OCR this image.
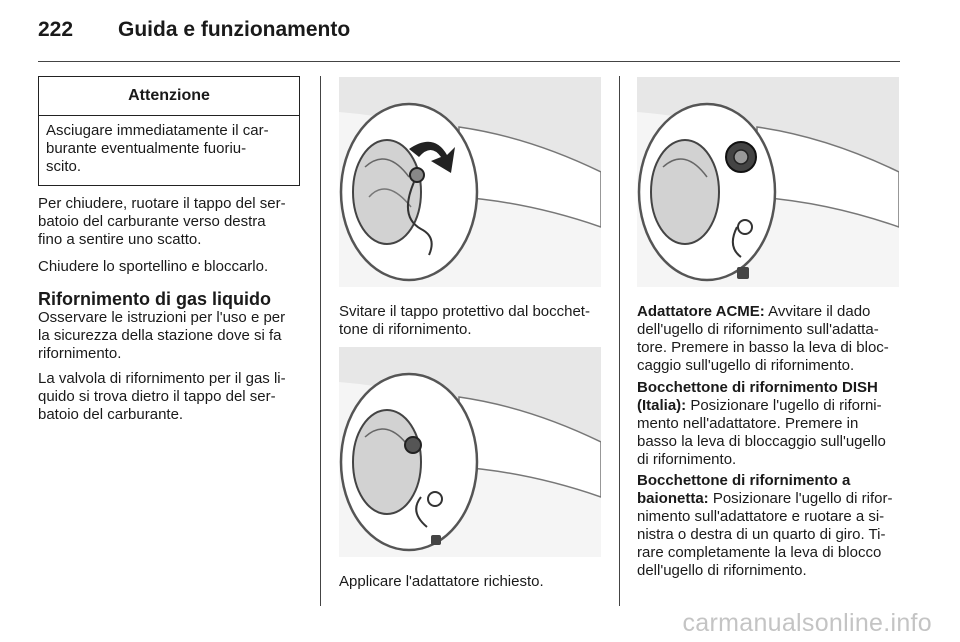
222 Guida e funzionamento
Attenzione
Asciugare immediatamente il car-
burante eventualmente fuoriu-
scito.
Per chiudere, ruotare il tappo del ser-
batoio del carburante verso destra
fino a sentire uno scatto.
Chiudere lo sportellino e bloccarlo.
Rifornimento di gas liquido
Osservare le istruzioni per l'uso e per
la sicurezza della stazione dove si fa
rifornimento.
La valvola di rifornimento per il gas li-
quido si trova dietro il tappo del ser-
batoio del carburante.
Svitare il tappo protettivo dal bocchet-
tone di rifornimento.
Applicare l'adattatore richiesto.
Adattatore ACME: Avvitare il dado
dell'ugello di rifornimento sull'adatta-
tore. Premere in basso la leva di bloc-
caggio sull'ugello di rifornimento.
Bocchettone di rifornimento DISH
(Italia): Posizionare l'ugello di riforni-
mento nell'adattatore. Premere in
basso la leva di bloccaggio sull'ugello
di rifornimento.
Bocchettone di rifornimento a
baionetta: Posizionare l'ugello di rifor-
nimento sull'adattatore e ruotare a si-
nistra o destra di un quarto di giro. Ti-
rare completamente la leva di blocco
dell'ugello di rifornimento.
carmanualsonline.info
